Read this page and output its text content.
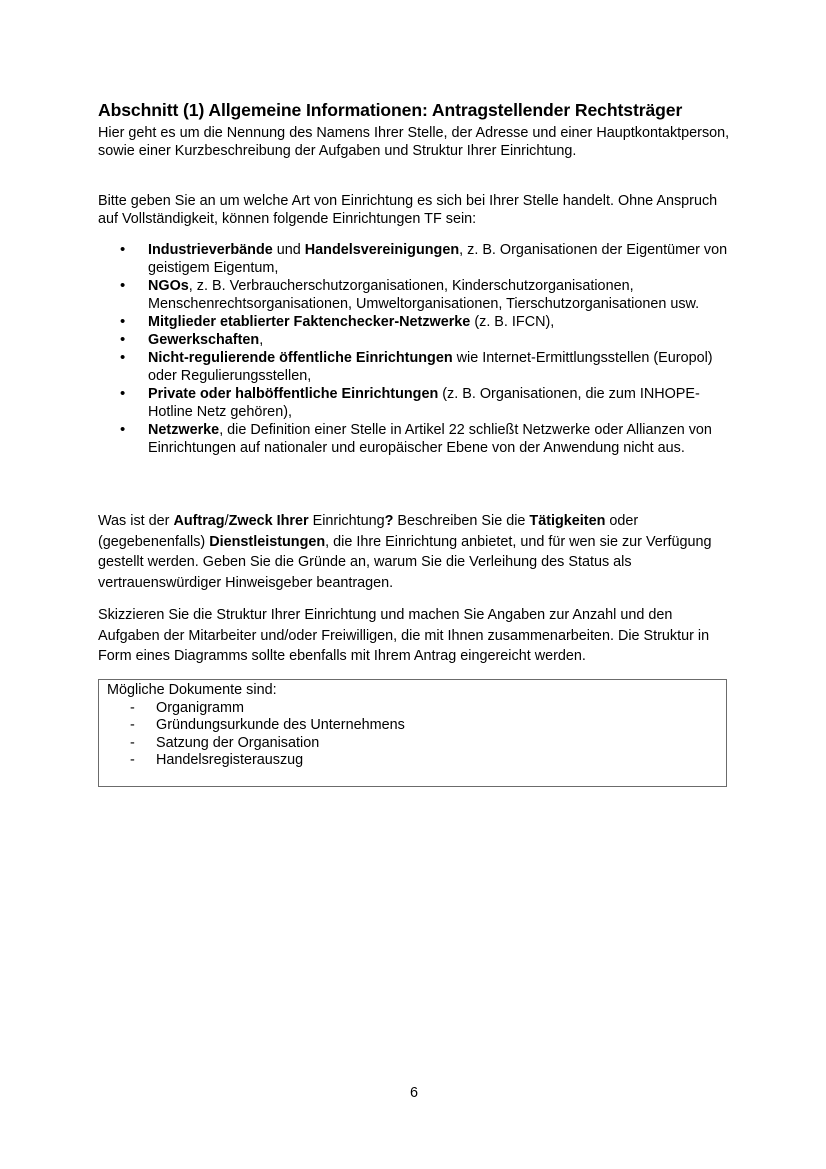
Abschnitt (1) Allgemeine Informationen: Antragstellender Rechtsträger

Hier geht es um die Nennung des Namens Ihrer Stelle, der Adresse und einer Hauptkontaktperson, sowie einer Kurzbeschreibung der Aufgaben und Struktur Ihrer Einrichtung.

Bitte geben Sie an um welche Art von Einrichtung es sich bei Ihrer Stelle handelt. Ohne Anspruch auf Vollständigkeit, können folgende Einrichtungen TF sein:

• Industrieverbände und Handelsvereinigungen, z. B. Organisationen der Eigentümer von geistigem Eigentum,
• NGOs, z. B. Verbraucherschutzorganisationen, Kinderschutzorganisationen, Menschenrechtsorganisationen, Umweltorganisationen, Tierschutzorganisationen usw.
• Mitglieder etablierter Faktenchecker-Netzwerke (z. B. IFCN),
• Gewerkschaften,
• Nicht-regulierende öffentliche Einrichtungen wie Internet-Ermittlungsstellen (Europol) oder Regulierungsstellen,
• Private oder halböffentliche Einrichtungen (z. B. Organisationen, die zum INHOPE-Hotline Netz gehören),
• Netzwerke, die Definition einer Stelle in Artikel 22 schließt Netzwerke oder Allianzen von Einrichtungen auf nationaler und europäischer Ebene von der Anwendung nicht aus.

Was ist der Auftrag/Zweck Ihrer Einrichtung? Beschreiben Sie die Tätigkeiten oder (gegebenenfalls) Dienstleistungen, die Ihre Einrichtung anbietet, und für wen sie zur Verfügung gestellt werden. Geben Sie die Gründe an, warum Sie die Verleihung des Status als vertrauenswürdiger Hinweisgeber beantragen.

Skizzieren Sie die Struktur Ihrer Einrichtung und machen Sie Angaben zur Anzahl und den Aufgaben der Mitarbeiter und/oder Freiwilligen, die mit Ihnen zusammenarbeiten. Die Struktur in Form eines Diagramms sollte ebenfalls mit Ihrem Antrag eingereicht werden.

Mögliche Dokumente sind:
- Organigramm
- Gründungsurkunde des Unternehmens
- Satzung der Organisation
- Handelsregisterauszug
6
